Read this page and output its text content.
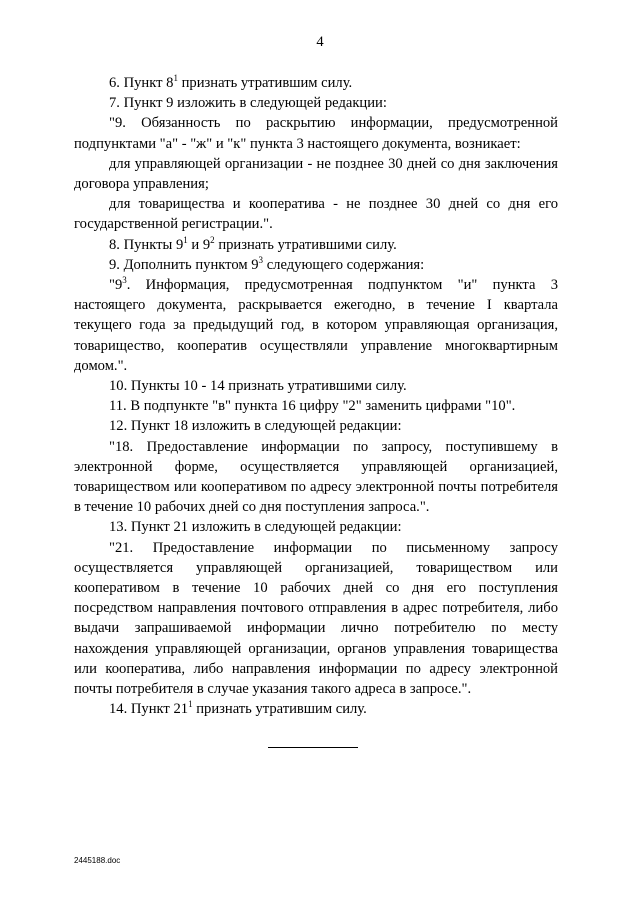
4

6. Пункт $8^1$ признать утратившим силу.

7. Пункт 9 изложить в следующей редакции:

"9. Обязанность по раскрытию информации, предусмотренной подпунктами "а" - "ж" и "к" пункта 3 настоящего документа, возникает:

для управляющей организации - не позднее 30 дней со дня заключения договора управления;

для товарищества и кооператива - не позднее 30 дней со дня его государственной регистрации.".

8. Пункты $9^1$ и $9^2$ признать утратившими силу.

9. Дополнить пунктом $9^3$ следующего содержания:

"$9^3$. Информация, предусмотренная подпунктом "и" пункта 3 настоящего документа, раскрывается ежегодно, в течение I квартала текущего года за предыдущий год, в котором управляющая организация, товарищество, кооператив осуществляли управление многоквартирным домом.".

10. Пункты 10 - 14 признать утратившими силу.

11. В подпункте "в" пункта 16 цифру "2" заменить цифрами "10".

12. Пункт 18 изложить в следующей редакции:

"18. Предоставление информации по запросу, поступившему в электронной форме, осуществляется управляющей организацией, товариществом или кооперативом по адресу электронной почты потребителя в течение 10 рабочих дней со дня поступления запроса.".

13. Пункт 21 изложить в следующей редакции:

"21. Предоставление информации по письменному запросу осуществляется управляющей организацией, товариществом или кооперативом в течение 10 рабочих дней со дня его поступления посредством направления почтового отправления в адрес потребителя, либо выдачи запрашиваемой информации лично потребителю по месту нахождения управляющей организации, органов управления товарищества или кооператива, либо направления информации по адресу электронной почты потребителя в случае указания такого адреса в запросе.".

14. Пункт $21^1$ признать утратившим силу.

2445188.doc
